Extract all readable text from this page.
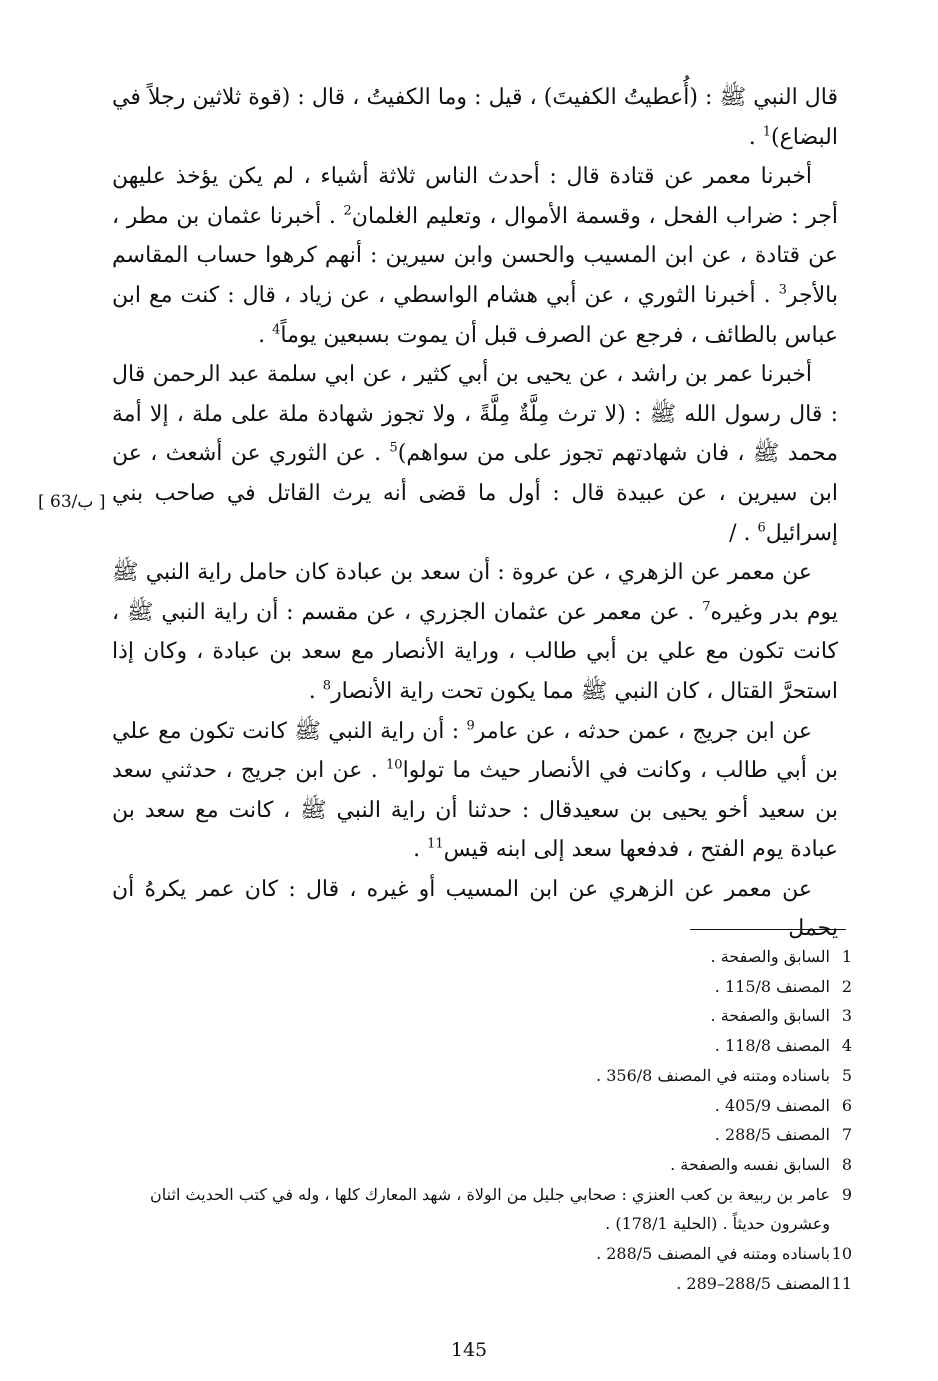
قال النبي ﷺ : (أُعطيتُ الكفيتَ) ، قيل : وما الكفيتُ ، قال : (قوة ثلاثين رجلاً في البضاع)$^1$ .

أخبرنا معمر عن قتادة قال : أحدث الناس ثلاثة أشياء ، لم يكن يؤخذ عليهن أجر : ضراب الفحل ، وقسمة الأموال ، وتعليم الغلمان$^2$ . أخبرنا عثمان بن مطر ، عن قتادة ، عن ابن المسيب والحسن وابن سيرين : أنهم كرهوا حساب المقاسم بالأجر$^3$ . أخبرنا الثوري ، عن أبي هشام الواسطي ، عن زياد ، قال : كنت مع ابن عباس بالطائف ، فرجع عن الصرف قبل أن يموت بسبعين يوماً$^4$ .

أخبرنا عمر بن راشد ، عن يحيى بن أبي كثير ، عن ابي سلمة عبد الرحمن قال : قال رسول الله ﷺ : (لا ترث مِلَّةٌ مِلَّةً ، ولا تجوز شهادة ملة على ملة ، إلا أمة محمد ﷺ ، فان شهادتهم تجوز على من سواهم)$^5$ . عن الثوري عن أشعث ، عن ابن سيرين ، عن عبيدة قال : أول ما قضى أنه يرث القاتل في صاحب بني إسرائيل$^6$ . /

عن معمر عن الزهري ، عن عروة : أن سعد بن عبادة كان حامل راية النبي ﷺ يوم بدر وغيره$^7$ . عن معمر عن عثمان الجزري ، عن مقسم : أن راية النبي ﷺ ، كانت تكون مع علي بن أبي طالب ، وراية الأنصار مع سعد بن عبادة ، وكان إذا استحرَّ القتال ، كان النبي ﷺ مما يكون تحت راية الأنصار$^8$ .

عن ابن جريج ، عمن حدثه ، عن عامر$^9$ : أن راية النبي ﷺ كانت تكون مع علي بن أبي طالب ، وكانت في الأنصار حيث ما تولوا$^{10}$ . عن ابن جريج ، حدثني سعد بن سعيد أخو يحيى بن سعيدقال : حدثنا أن راية النبي ﷺ ، كانت مع سعد بن عبادة يوم الفتح ، فدفعها سعد إلى ابنه قيس$^{11}$ .

عن معمر عن الزهري عن ابن المسيب أو غيره ، قال : كان عمر يكرهُ أن يحمل

[ 63/ب ]
1
السابق والصفحة .
2
المصنف 115/8 .
3
السابق والصفحة .
4
المصنف 118/8 .
5
باسناده ومتنه في المصنف 356/8 .
6
المصنف 405/9 .
7
المصنف 288/5 .
8
السابق نفسه والصفحة .
9
عامر بن ربيعة بن كعب العنزي : صحابي جليل من الولاة ، شهد المعارك كلها ، وله في كتب الحديث اثنان وعشرون حديثاً . (الحلية 178/1) .
10
باسناده ومتنه في المصنف 288/5 .
11
المصنف 288/5–289 .
145
